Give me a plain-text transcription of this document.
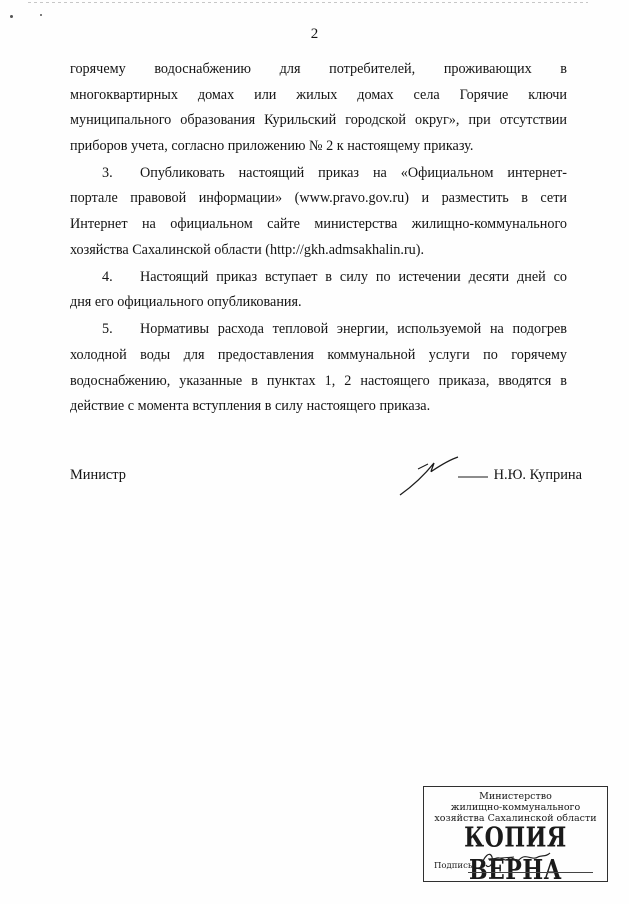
2
горячему водоснабжению для потребителей, проживающих в
многоквартирных домах или жилых домах села Горячие ключи
муниципального образования Курильский городской округ», при отсутствии
приборов учета, согласно приложению № 2 к настоящему приказу.
3. Опубликовать настоящий приказ на «Официальном интернет-
портале правовой информации» (www.pravo.gov.ru) и разместить в сети
Интернет на официальном сайте министерства жилищно-коммунального
хозяйства Сахалинской области (http://gkh.admsakhalin.ru).
4. Настоящий приказ вступает в силу по истечении десяти дней со
дня его официального опубликования.
5. Нормативы расхода тепловой энергии, используемой на подогрев
холодной воды для предоставления коммунальной услуги по горячему
водоснабжению, указанные в пунктах 1, 2 настоящего приказа, вводятся в
действие с момента вступления в силу настоящего приказа.
Министр	Н.Ю. Куприна
Министерство
жилищно-коммунального
хозяйства Сахалинской области
КОПИЯ ВЕРНА
Подпись
